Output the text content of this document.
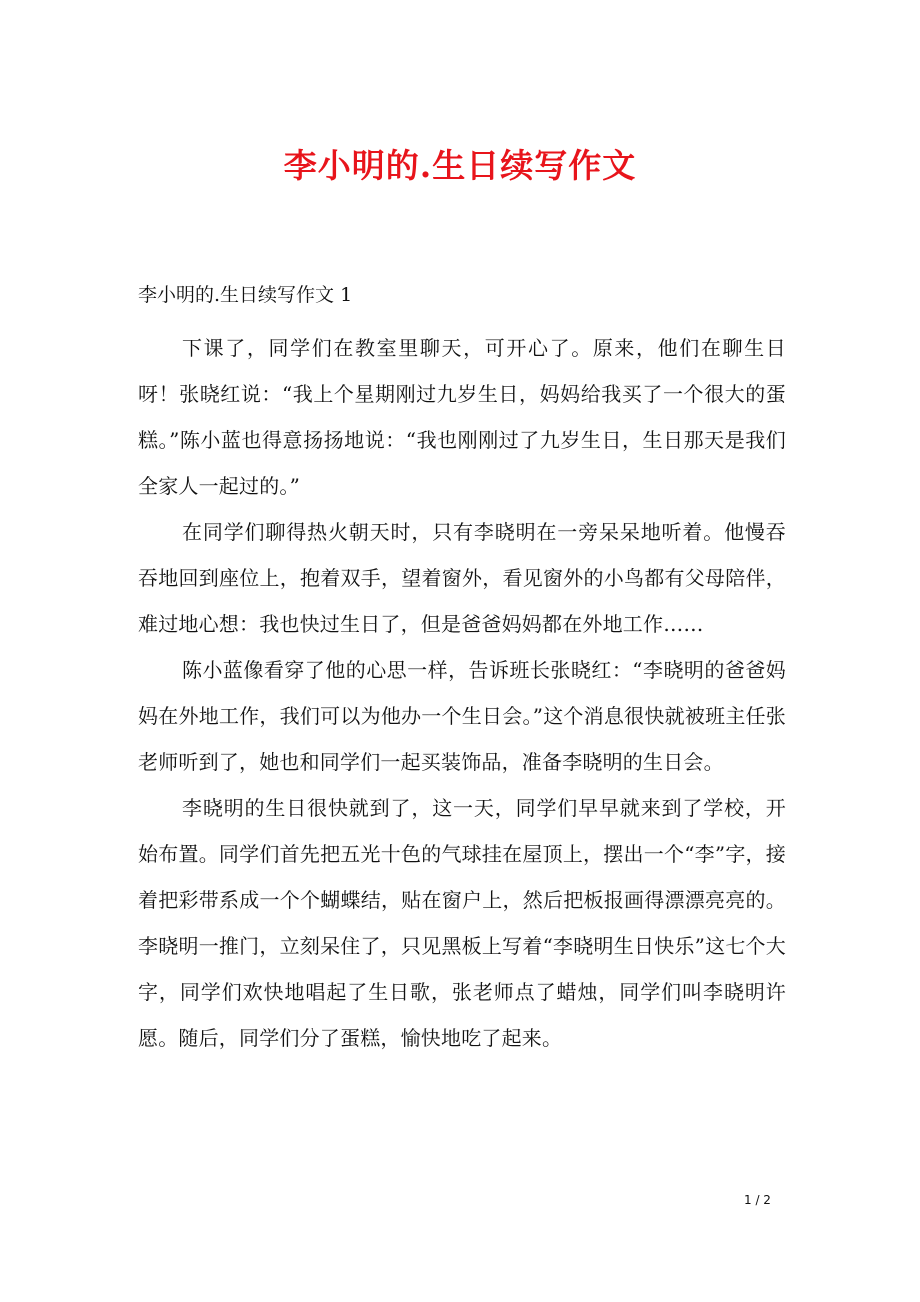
李小明的.生日续写作文

李小明的.生日续写作文 1

下课了，同学们在教室里聊天，可开心了。原来，他们在聊生日呀！张晓红说：“我上个星期刚过九岁生日，妈妈给我买了一个很大的蛋糕。”陈小蓝也得意扬扬地说：“我也刚刚过了九岁生日，生日那天是我们全家人一起过的。”

在同学们聊得热火朝天时，只有李晓明在一旁呆呆地听着。他慢吞吞地回到座位上，抱着双手，望着窗外，看见窗外的小鸟都有父母陪伴，难过地心想：我也快过生日了，但是爸爸妈妈都在外地工作……

陈小蓝像看穿了他的心思一样，告诉班长张晓红：“李晓明的爸爸妈妈在外地工作，我们可以为他办一个生日会。”这个消息很快就被班主任张老师听到了，她也和同学们一起买装饰品，准备李晓明的生日会。

李晓明的生日很快就到了，这一天，同学们早早就来到了学校，开始布置。同学们首先把五光十色的气球挂在屋顶上，摆出一个“李”字，接着把彩带系成一个个蝴蝶结，贴在窗户上，然后把板报画得漂漂亮亮的。李晓明一推门，立刻呆住了，只见黑板上写着“李晓明生日快乐”这七个大字，同学们欢快地唱起了生日歌，张老师点了蜡烛，同学们叫李晓明许愿。随后，同学们分了蛋糕，愉快地吃了起来。

1 / 2
